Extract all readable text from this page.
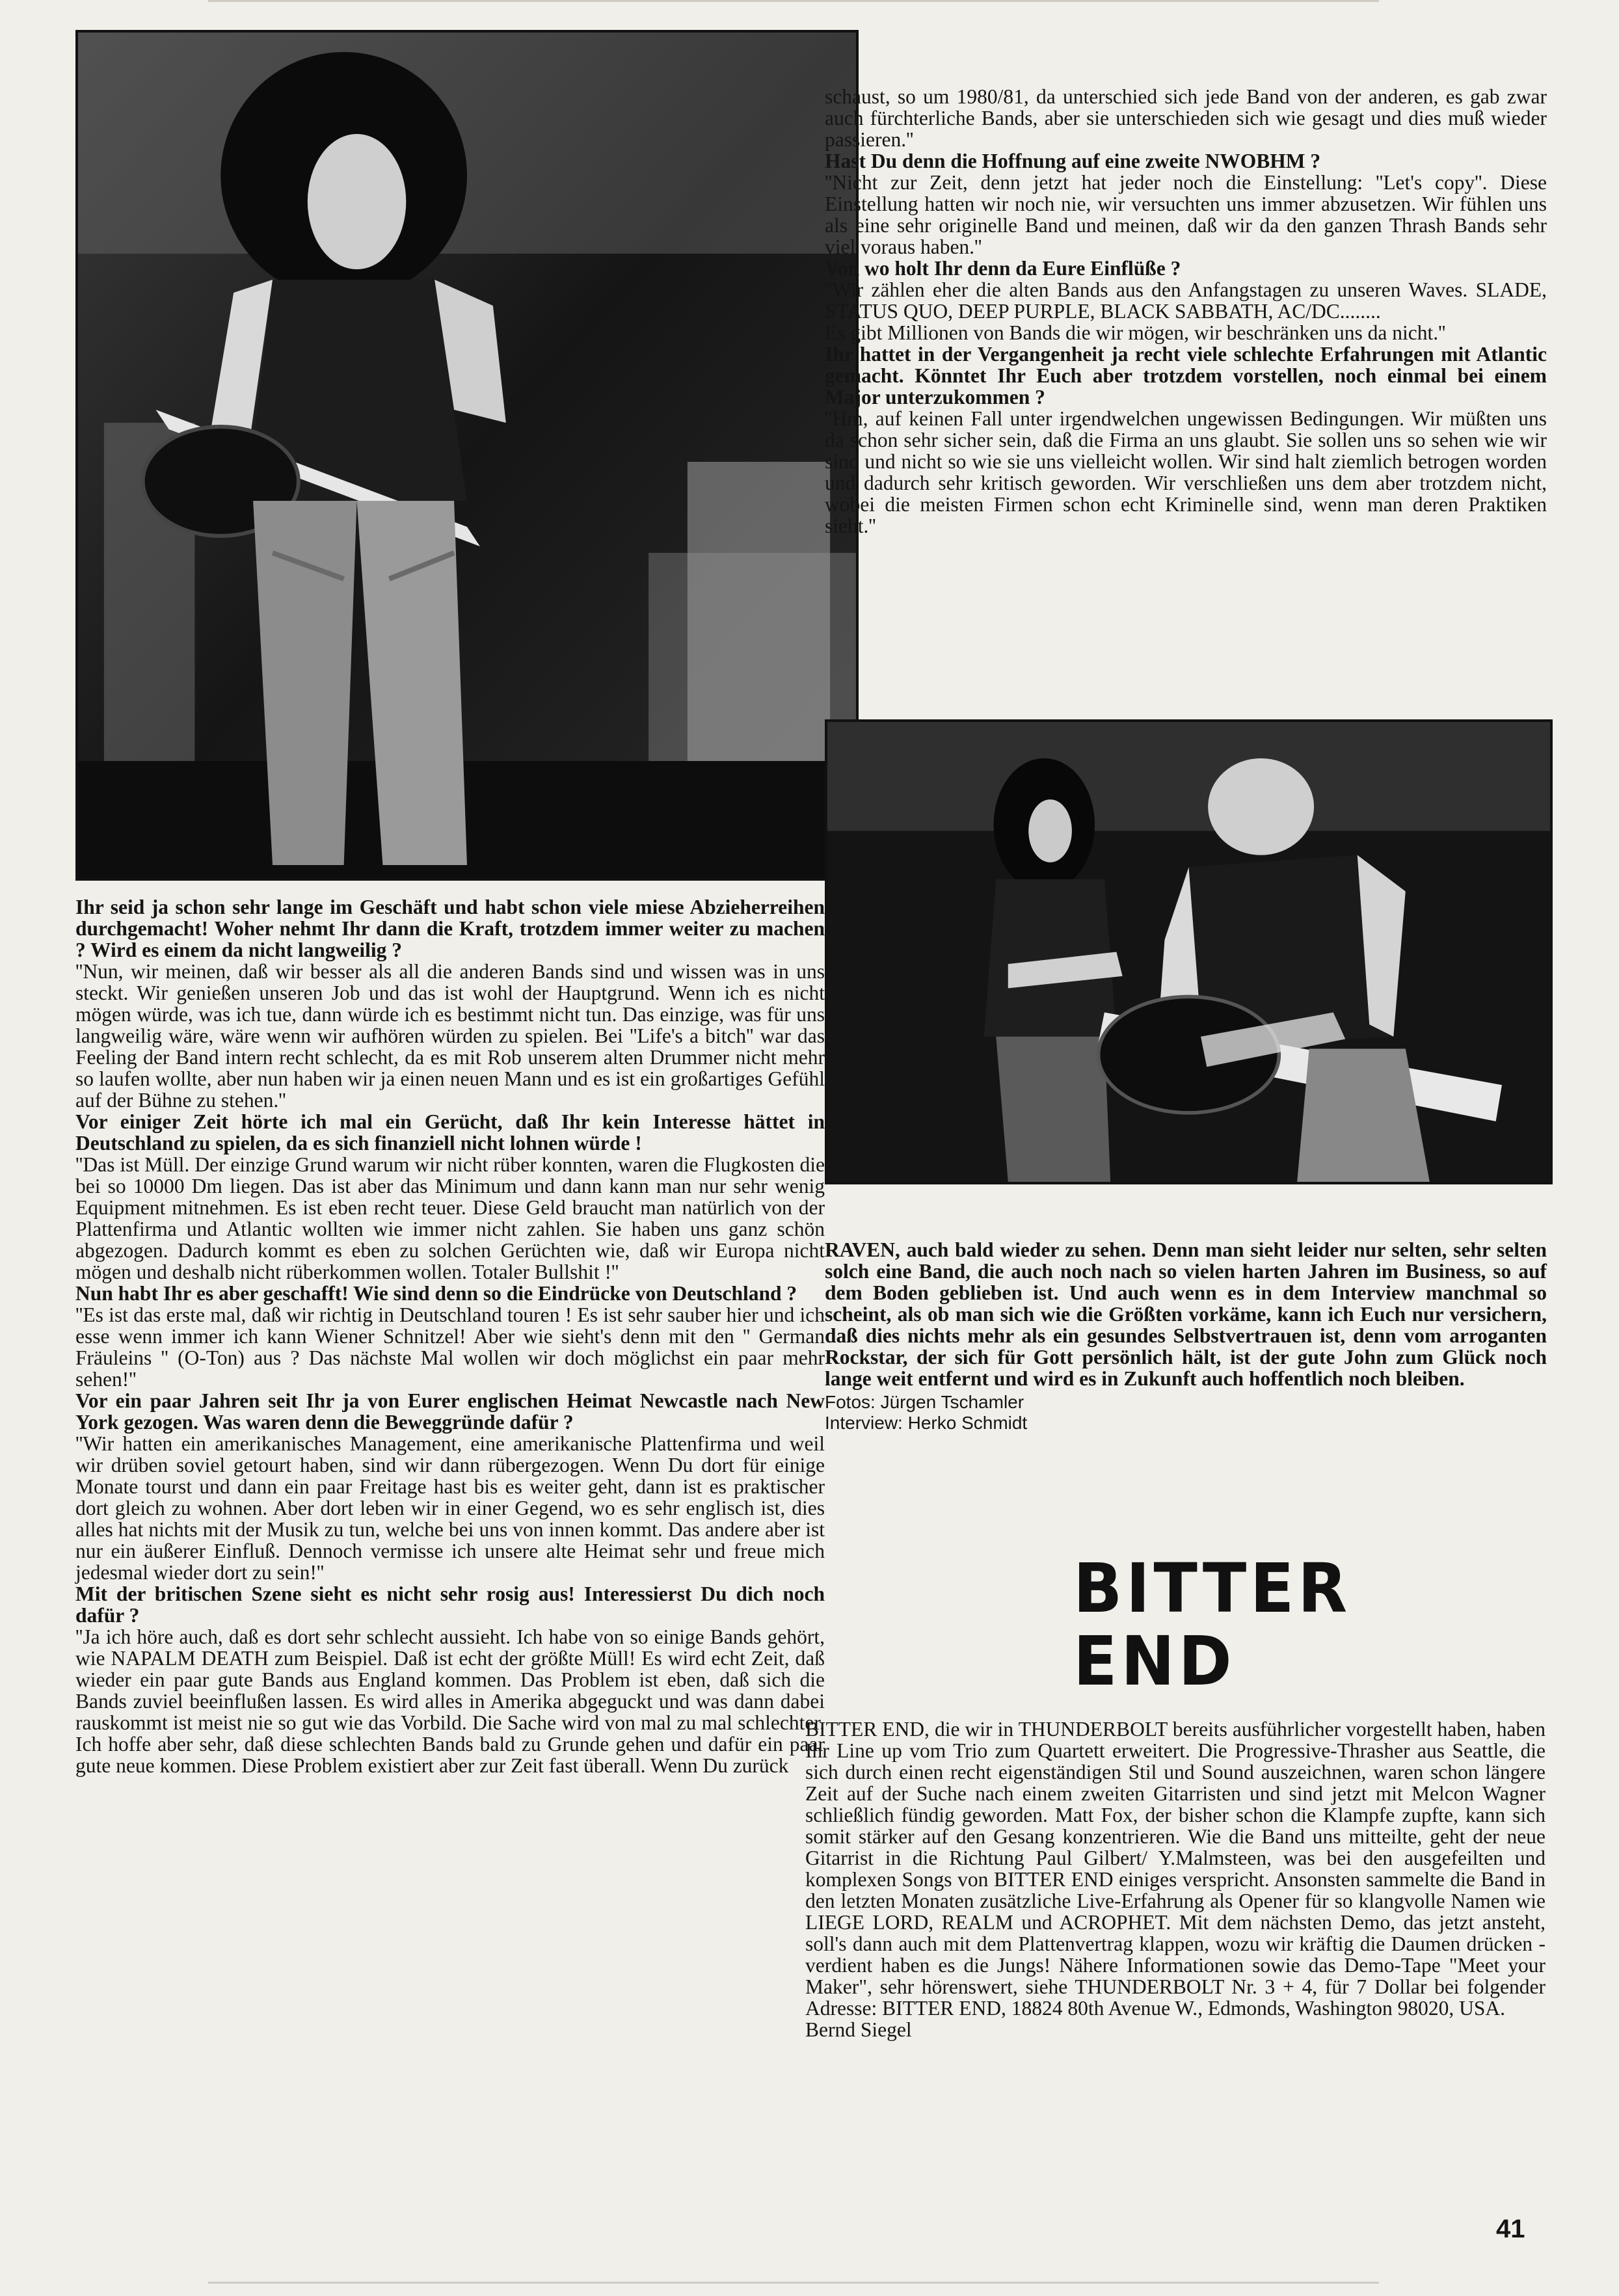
schaust, so um 1980/81, da unterschied sich jede Band von der anderen, es gab zwar auch fürchterliche Bands, aber sie unterschieden sich wie gesagt und dies muß wieder passieren.''

Hast Du denn die Hoffnung auf eine zweite NWOBHM ?

''Nicht zur Zeit, denn jetzt hat jeder noch die Einstellung: ''Let's copy''. Diese Einstellung hatten wir noch nie, wir versuchten uns immer abzusetzen. Wir fühlen uns als eine sehr originelle Band und meinen, daß wir da den ganzen Thrash Bands sehr viel voraus haben.''

Von wo holt Ihr denn da Eure Einflüße ?

''Wir zählen eher die alten Bands aus den Anfangstagen zu unseren Waves. SLADE, STATUS QUO, DEEP PURPLE, BLACK SABBATH, AC/DC........

Es gibt Millionen von Bands die wir mögen, wir beschränken uns da nicht.''

Ihr hattet in der Vergangenheit ja recht viele schlechte Erfahrungen mit Atlantic gemacht. Könntet Ihr Euch aber trotzdem vorstellen, noch einmal bei einem Major unterzukommen ?

''Hm, auf keinen Fall unter irgendwelchen ungewissen Bedingungen. Wir müßten uns da schon sehr sicher sein, daß die Firma an uns glaubt. Sie sollen uns so sehen wie wir sind und nicht so wie sie uns vielleicht wollen. Wir sind halt ziemlich betrogen worden und dadurch sehr kritisch geworden. Wir verschließen uns dem aber trotzdem nicht, wobei die meisten Firmen schon echt Kriminelle sind, wenn man deren Praktiken sieht.''

Ihr seid ja schon sehr lange im Geschäft und habt schon viele miese Abzieherreihen durchgemacht! Woher nehmt Ihr dann die Kraft, trotzdem immer weiter zu machen ? Wird es einem da nicht langweilig ?

''Nun, wir meinen, daß wir besser als all die anderen Bands sind und wissen was in uns steckt. Wir genießen unseren Job und das ist wohl der Hauptgrund. Wenn ich es nicht mögen würde, was ich tue, dann würde ich es bestimmt nicht tun. Das einzige, was für uns langweilig wäre, wäre wenn wir aufhören würden zu spielen. Bei ''Life's a bitch'' war das Feeling der Band intern recht schlecht, da es mit Rob unserem alten Drummer nicht mehr so laufen wollte, aber nun haben wir ja einen neuen Mann und es ist ein großartiges Gefühl auf der Bühne zu stehen.''

Vor einiger Zeit hörte ich mal ein Gerücht, daß Ihr kein Interesse hättet in Deutschland zu spielen, da es sich finanziell nicht lohnen würde !

''Das ist Müll. Der einzige Grund warum wir nicht rüber konnten, waren die Flugkosten die bei so 10000 Dm liegen. Das ist aber das Minimum und dann kann man nur sehr wenig Equipment mitnehmen. Es ist eben recht teuer. Diese Geld braucht man natürlich von der Plattenfirma und Atlantic wollten wie immer nicht zahlen. Sie haben uns ganz schön abgezogen. Dadurch kommt es eben zu solchen Gerüchten wie, daß wir Europa nicht mögen und deshalb nicht rüberkommen wollen. Totaler Bullshit !''

Nun habt Ihr es aber geschafft! Wie sind denn so die Eindrücke von Deutschland ?

''Es ist das erste mal, daß wir richtig in Deutschland touren ! Es ist sehr sauber hier und ich esse wenn immer ich kann Wiener Schnitzel! Aber wie sieht's denn mit den '' German Fräuleins '' (O-Ton) aus ? Das nächste Mal wollen wir doch möglichst ein paar mehr sehen!''

Vor ein paar Jahren seit Ihr ja von Eurer englischen Heimat Newcastle nach New York gezogen. Was waren denn die Beweggründe dafür ?

''Wir hatten ein amerikanisches Management, eine amerikanische Plattenfirma und weil wir drüben soviel getourt haben, sind wir dann rübergezogen. Wenn Du dort für einige Monate tourst und dann ein paar Freitage hast bis es weiter geht, dann ist es praktischer dort gleich zu wohnen. Aber dort leben wir in einer Gegend, wo es sehr englisch ist, dies alles hat nichts mit der Musik zu tun, welche bei uns von innen kommt. Das andere aber ist nur ein äußerer Einfluß. Dennoch vermisse ich unsere alte Heimat sehr und freue mich jedesmal wieder dort zu sein!''

Mit der britischen Szene sieht es nicht sehr rosig aus! Interessierst Du dich noch dafür ?

''Ja ich höre auch, daß es dort sehr schlecht aussieht. Ich habe von so einige Bands gehört, wie NAPALM DEATH zum Beispiel. Daß ist echt der größte Müll! Es wird echt Zeit, daß wieder ein paar gute Bands aus England kommen. Das Problem ist eben, daß sich die Bands zuviel beeinflußen lassen. Es wird alles in Amerika abgeguckt und was dann dabei rauskommt ist meist nie so gut wie das Vorbild. Die Sache wird von mal zu mal schlechter. Ich hoffe aber sehr, daß diese schlechten Bands bald zu Grunde gehen und dafür ein paar gute neue kommen. Diese Problem existiert aber zur Zeit fast überall. Wenn Du zurück

RAVEN, auch bald wieder zu sehen. Denn man sieht leider nur selten, sehr selten solch eine Band, die auch noch nach so vielen harten Jahren im Business, so auf dem Boden geblieben ist. Und auch wenn es in dem Interview manchmal so scheint, als ob man sich wie die Größten vorkäme, kann ich Euch nur versichern, daß dies nichts mehr als ein gesundes Selbstvertrauen ist, denn vom arroganten Rockstar, der sich für Gott persönlich hält, ist der gute John zum Glück noch lange weit entfernt und wird es in Zukunft auch hoffentlich noch bleiben.

Fotos: Jürgen Tschamler
Interview: Herko Schmidt
BITTER
END

BITTER END, die wir in THUNDERBOLT bereits ausführlicher vorgestellt haben, haben Ihr Line up vom Trio zum Quartett erweitert. Die Progressive-Thrasher aus Seattle, die sich durch einen recht eigenständigen Stil und Sound auszeichnen, waren schon längere Zeit auf der Suche nach einem zweiten Gitarristen und sind jetzt mit Melcon Wagner schließlich fündig geworden. Matt Fox, der bisher schon die Klampfe zupfte, kann sich somit stärker auf den Gesang konzentrieren. Wie die Band uns mitteilte, geht der neue Gitarrist in die Richtung Paul Gilbert/ Y.Malmsteen, was bei den ausgefeilten und komplexen Songs von BITTER END einiges verspricht. Ansonsten sammelte die Band in den letzten Monaten zusätzliche Live-Erfahrung als Opener für so klangvolle Namen wie LIEGE LORD, REALM und ACROPHET. Mit dem nächsten Demo, das jetzt ansteht, soll's dann auch mit dem Plattenvertrag klappen, wozu wir kräftig die Daumen drücken - verdient haben es die Jungs! Nähere Informationen sowie das Demo-Tape "Meet your Maker", sehr hörenswert, siehe THUNDERBOLT Nr. 3 + 4, für 7 Dollar bei folgender Adresse: BITTER END, 18824 80th Avenue W., Edmonds, Washington 98020, USA.

Bernd Siegel
41
